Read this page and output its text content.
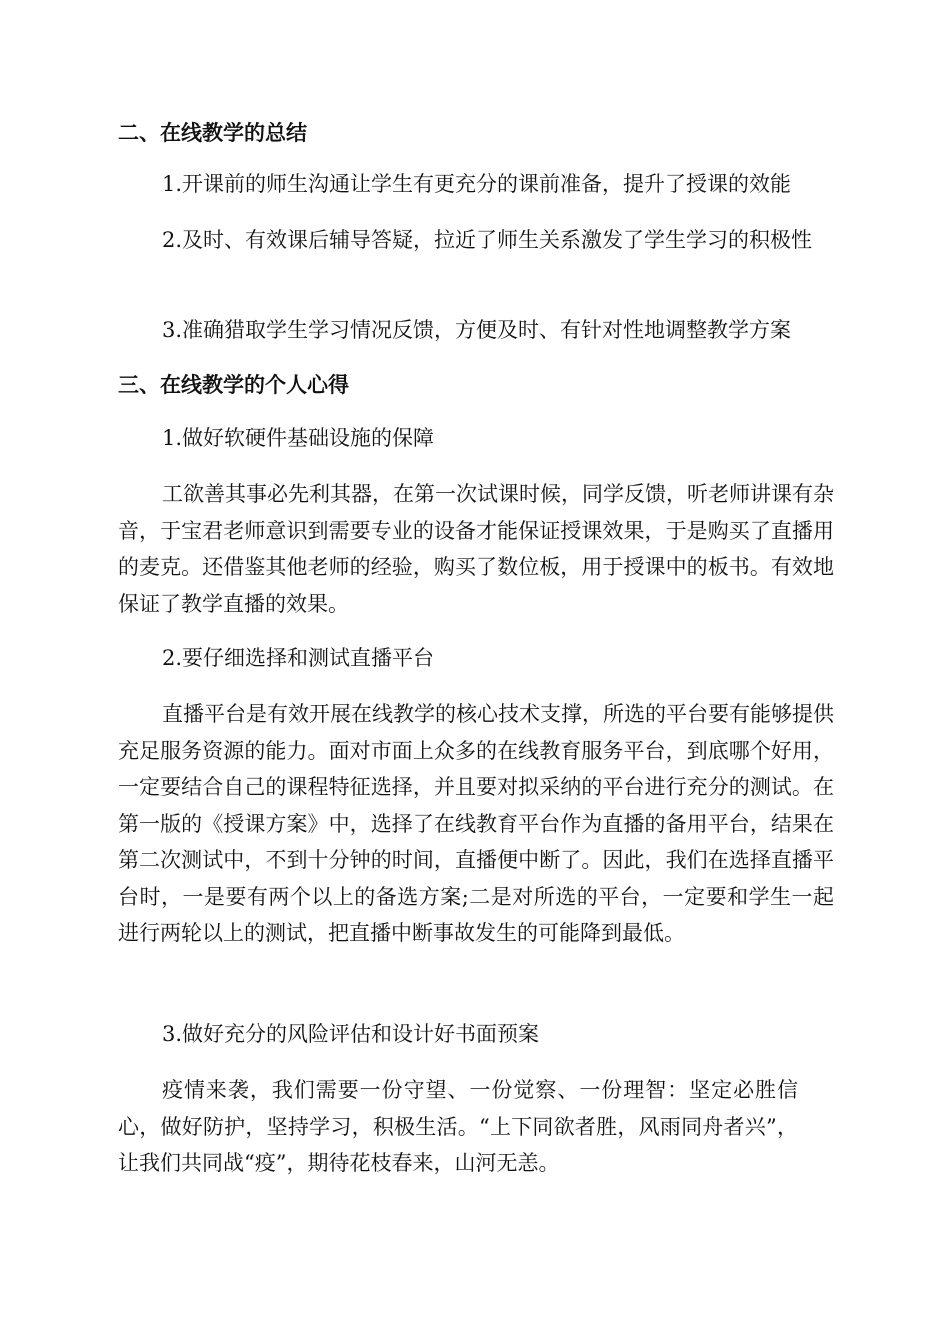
二、在线教学的总结
1.开课前的师生沟通让学生有更充分的课前准备，提升了授课的效能
2.及时、有效课后辅导答疑，拉近了师生关系激发了学生学习的积极性
3.准确猎取学生学习情况反馈，方便及时、有针对性地调整教学方案
三、在线教学的个人心得
1.做好软硬件基础设施的保障
工欲善其事必先利其器，在第一次试课时候，同学反馈，听老师讲课有杂音，于宝君老师意识到需要专业的设备才能保证授课效果，于是购买了直播用的麦克。还借鉴其他老师的经验，购买了数位板，用于授课中的板书。有效地保证了教学直播的效果。
2.要仔细选择和测试直播平台
直播平台是有效开展在线教学的核心技术支撑，所选的平台要有能够提供充足服务资源的能力。面对市面上众多的在线教育服务平台，到底哪个好用，一定要结合自己的课程特征选择，并且要对拟采纳的平台进行充分的测试。在第一版的《授课方案》中，选择了在线教育平台作为直播的备用平台，结果在第二次测试中，不到十分钟的时间，直播便中断了。因此，我们在选择直播平台时，一是要有两个以上的备选方案;二是对所选的平台，一定要和学生一起进行两轮以上的测试，把直播中断事故发生的可能降到最低。
3.做好充分的风险评估和设计好书面预案
疫情来袭，我们需要一份守望、一份觉察、一份理智：坚定必胜信心，做好防护，坚持学习，积极生活。“上下同欲者胜，风雨同舟者兴”，让我们共同战“疫”，期待花枝春来，山河无恙。
